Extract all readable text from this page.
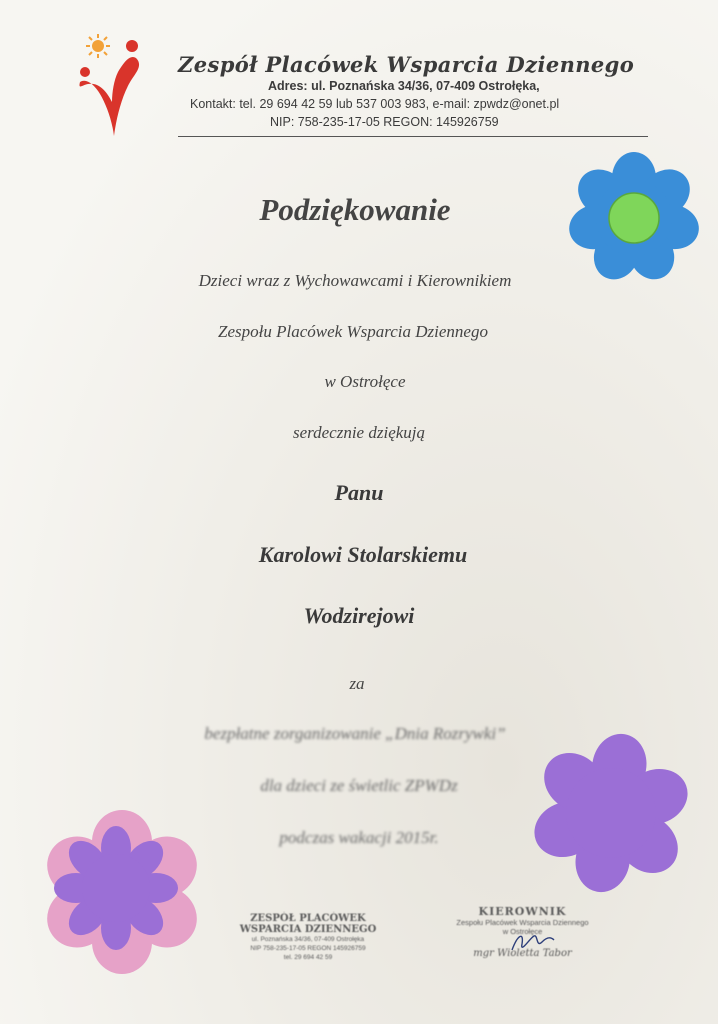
Zespół Placówek Wsparcia Dziennego
Adres: ul. Poznańska 34/36, 07-409 Ostrołęka,
Kontakt: tel. 29 694 42 59 lub 537 003 983, e-mail: zpwdz@onet.pl
NIP: 758-235-17-05 REGON: 145926759
Podziękowanie
Dzieci wraz z Wychowawcami i Kierownikiem
Zespołu Placówek Wsparcia Dziennego
w Ostrołęce
serdecznie dziękują
Panu
Karolowi Stolarskiemu
Wodzirejowi
za
bezpłatne zorganizowanie „Dnia Rozrywki”
dla dzieci ze świetlic ZPWDz
podczas wakacji 2015r.
ZESPÓŁ PLACÓWEK
WSPARCIA DZIENNEGO
ul. Poznańska 34/36, 07-409 Ostrołęka
NIP 758-235-17-05 REGON 145926759
tel. 29 694 42 59
KIEROWNIK
Zespołu Placówek Wsparcia Dziennego
w Ostrołęce
mgr Wioletta Tabor
